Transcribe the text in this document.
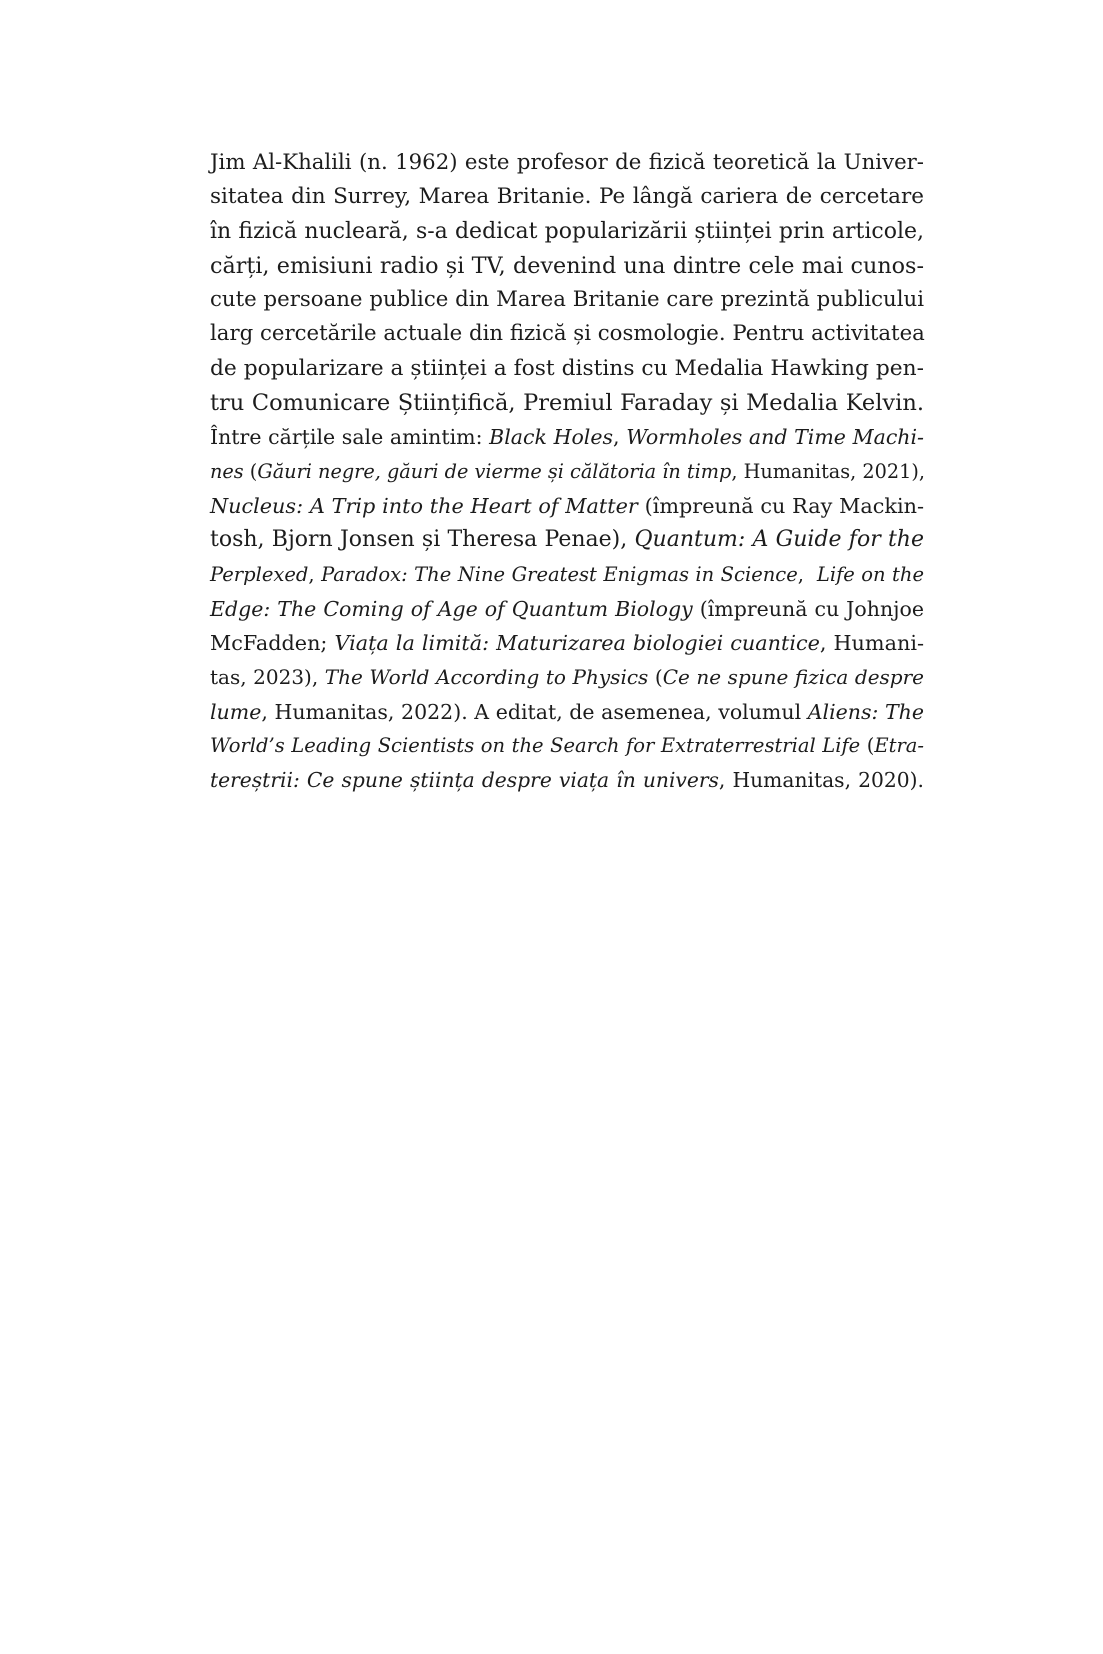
Jim Al-Khalili (n. 1962) este profesor de fizică teoretică la Univer-
sitatea din Surrey, Marea Britanie. Pe lângă cariera de cercetare
în fizică nucleară, s-a dedicat popularizării științei prin articole,
cărți, emisiuni radio și TV, devenind una dintre cele mai cunos-
cute persoane publice din Marea Britanie care prezintă publicului
larg cercetările actuale din fizică și cosmologie. Pentru activitatea
de popularizare a științei a fost distins cu Medalia Hawking pen-
tru Comunicare Științifică, Premiul Faraday și Medalia Kelvin.
Între cărțile sale amintim: Black Holes, Wormholes and Time Machi-
nes (Găuri negre, găuri de vierme și călătoria în timp, Humanitas, 2021),
Nucleus: A Trip into the Heart of Matter (împreună cu Ray Mackin-
tosh, Bjorn Jonsen și Theresa Penae), Quantum: A Guide for the
Perplexed, Paradox: The Nine Greatest Enigmas in Science,  Life on the
Edge: The Coming of Age of Quantum Biology (împreună cu Johnjoe
McFadden; Viața la limită: Maturizarea biologiei cuantice, Humani-
tas, 2023), The World According to Physics (Ce ne spune fizica despre
lume, Humanitas, 2022). A editat, de asemenea, volumul Aliens: The
World’s Leading Scientists on the Search for Extraterrestrial Life (Etra-
tereștrii: Ce spune știința despre viața în univers, Humanitas, 2020).
